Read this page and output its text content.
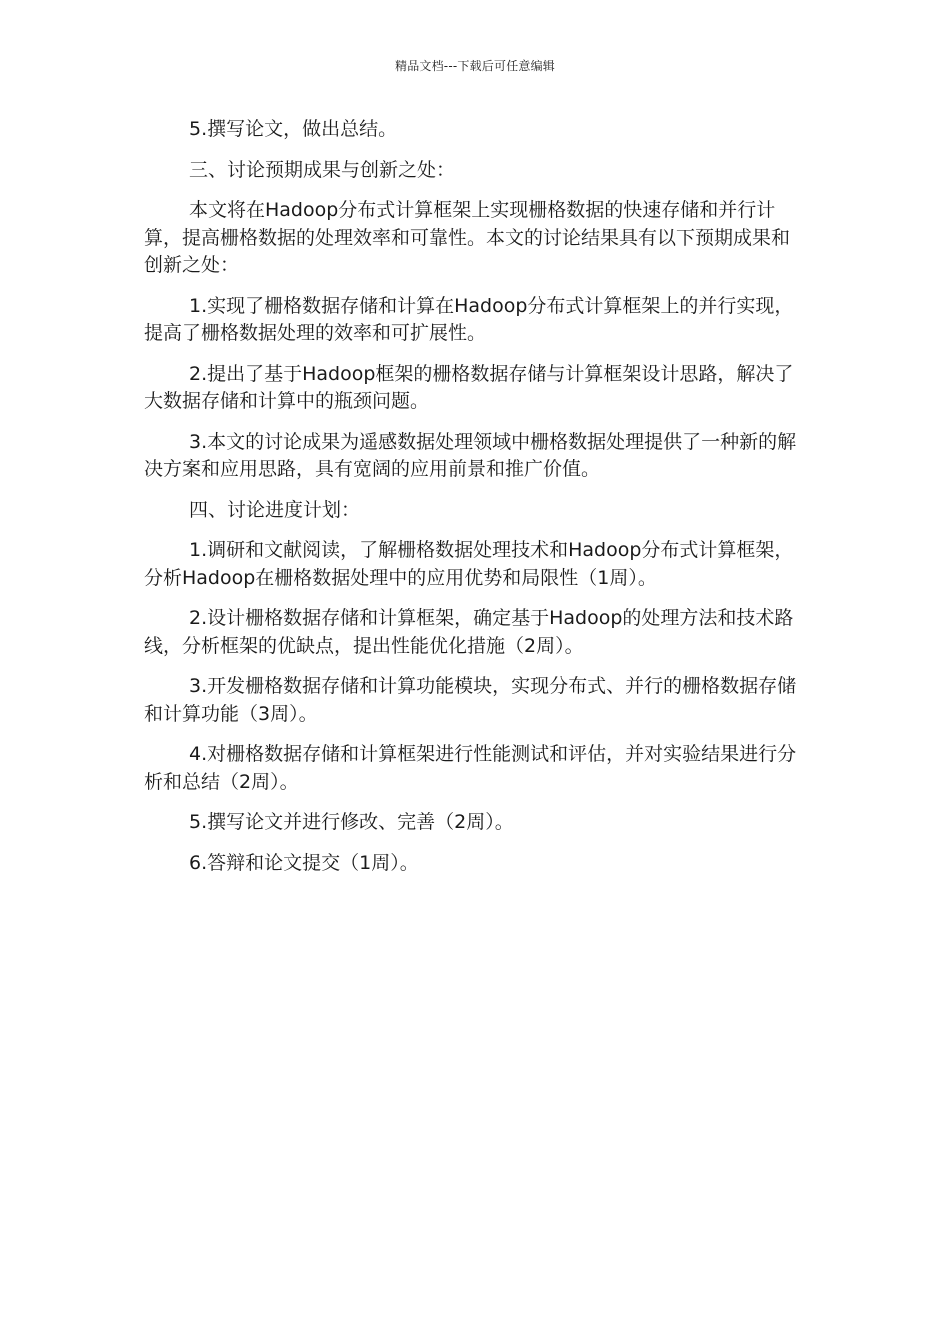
精品文档---下载后可任意编辑

5.撰写论文，做出总结。

三、讨论预期成果与创新之处：

本文将在Hadoop分布式计算框架上实现栅格数据的快速存储和并行计算，提高栅格数据的处理效率和可靠性。本文的讨论结果具有以下预期成果和创新之处：

1.实现了栅格数据存储和计算在Hadoop分布式计算框架上的并行实现，提高了栅格数据处理的效率和可扩展性。

2.提出了基于Hadoop框架的栅格数据存储与计算框架设计思路，解决了大数据存储和计算中的瓶颈问题。

3.本文的讨论成果为遥感数据处理领域中栅格数据处理提供了一种新的解决方案和应用思路，具有宽阔的应用前景和推广价值。

四、讨论进度计划：

1.调研和文献阅读，了解栅格数据处理技术和Hadoop分布式计算框架，分析Hadoop在栅格数据处理中的应用优势和局限性（1周）。

2.设计栅格数据存储和计算框架，确定基于Hadoop的处理方法和技术路线，分析框架的优缺点，提出性能优化措施（2周）。

3.开发栅格数据存储和计算功能模块，实现分布式、并行的栅格数据存储和计算功能（3周）。

4.对栅格数据存储和计算框架进行性能测试和评估，并对实验结果进行分析和总结（2周）。

5.撰写论文并进行修改、完善（2周）。

6.答辩和论文提交（1周）。
